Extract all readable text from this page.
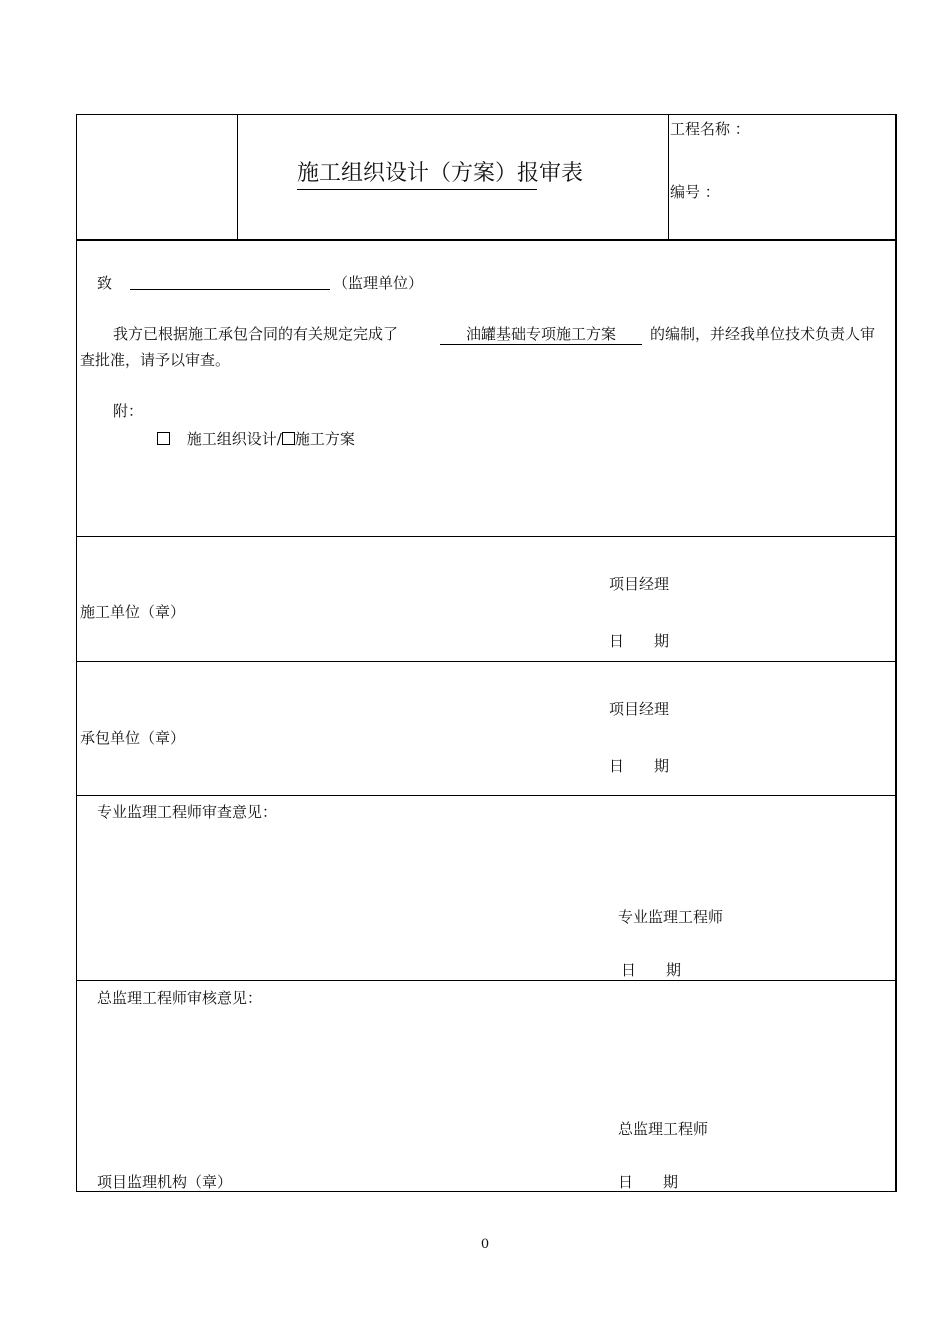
施工组织设计（方案）报审表
工程名称 ：
编号 ：
致	（监理单位）
我方已根据施工承包合同的有关规定完成了	油罐基础专项施工方案	的编制，并经我单位技术负责人审
查批准，请予以审查。
附：
施工组织设计/ 施工方案
施工单位（章）
项目经理
日　　期
承包单位（章）
项目经理
日　　期
专业监理工程师审查意见：
专业监理工程师
日　　期
总监理工程师审核意见：
总监理工程师
项目监理机构（章）	日　　期
0
